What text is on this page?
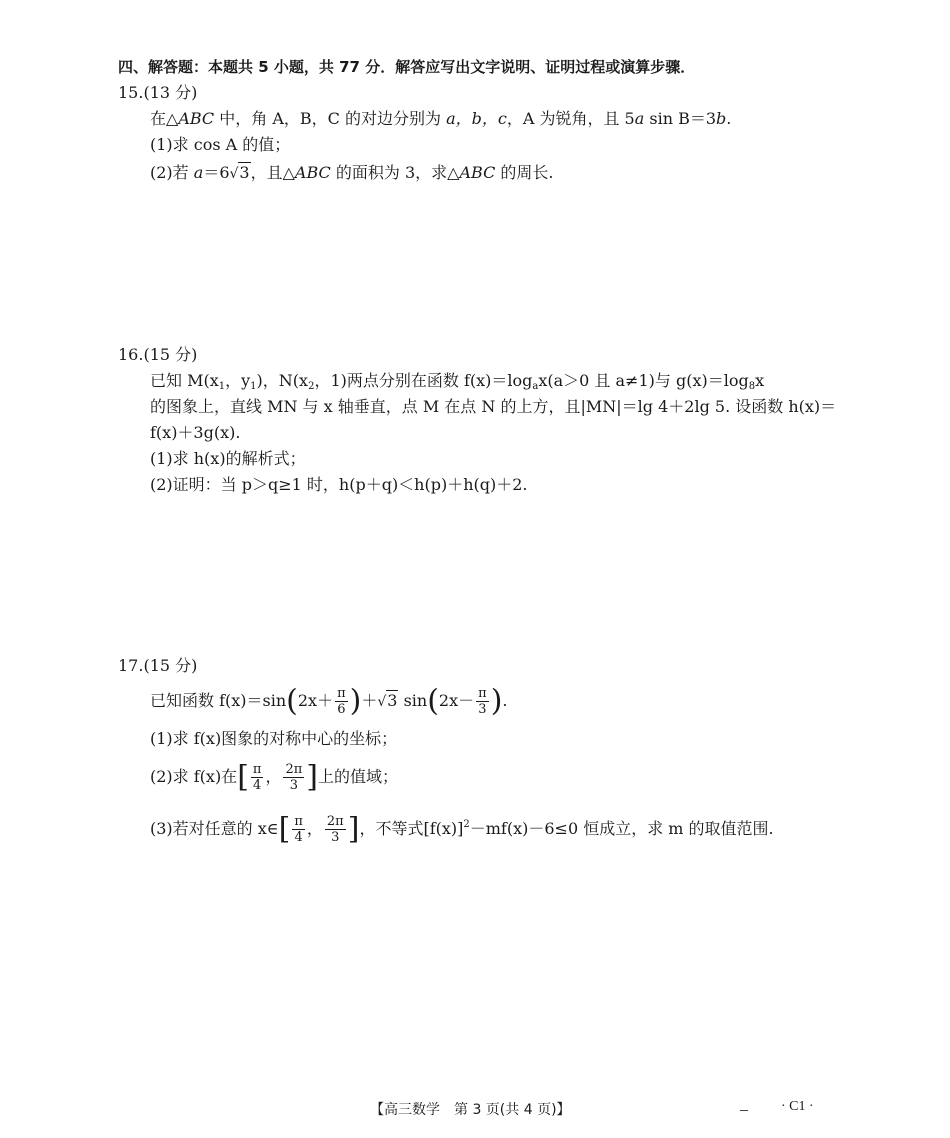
四、解答题：本题共 5 小题，共 77 分．解答应写出文字说明、证明过程或演算步骤．
15.(13 分)
在△ABC 中，角 A，B，C 的对边分别为 a，b，c，A 为锐角，且 5a sin B＝3b.
(1)求 cos A 的值；
(2)若 a＝6√3，且△ABC 的面积为 3，求△ABC 的周长.
16.(15 分)
已知 $M(x_1$，$y_1$)，$N(x_2$，1)两点分别在函数 $f(x)=\log_ax(a>0$ 且 a≠1)与 $g(x)=\log_8x$
的图象上，直线 MN 与 x 轴垂直，点 M 在点 N 的上方，且|MN|＝lg 4＋2lg 5. 设函数 h(x)＝
f(x)＋3g(x).
(1)求 h(x)的解析式；
(2)证明：当 p＞q≥1 时，h(p＋q)＜h(p)＋h(q)＋2.
17.(15 分)
已知函数 $f(x)=\sin(2x+ \frac{\pi}{6} )+√3$ $\sin(2x- \frac{\pi}{3}$ ).
(1)求 f(x)图象的对称中心的坐标；
(2)求 f(x)在[ $\frac{\pi}{4}$ ， $\frac{2\pi}{3}$ ]上的值域；
(3)若对任意的 x∈[ $\frac{\pi}{4}$ ， $\frac{2\pi}{3}$ ]，不等式$[f(x)]^2-mf(x)-6\le 0$ 恒成立，求 m 的取值范围.
【高三数学　第 3 页(共 4 页)】	· C1 ·
